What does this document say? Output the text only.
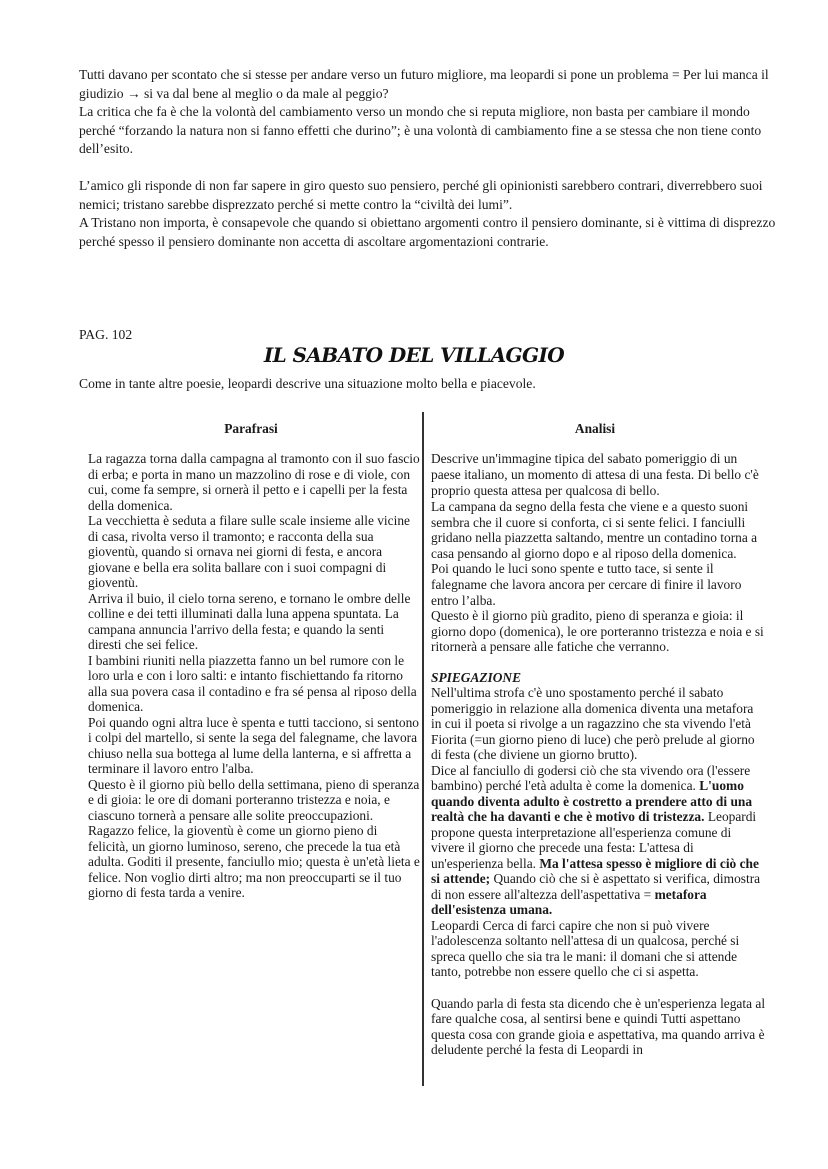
Tutti davano per scontato che si stesse per andare verso un futuro migliore, ma leopardi si pone un problema = Per lui manca il giudizio → si va dal bene al meglio o da male al peggio?

La critica che fa è che la volontà del cambiamento verso un mondo che si reputa migliore, non basta per cambiare il mondo perché “forzando la natura non si fanno effetti che durino”; è una volontà di cambiamento fine a se stessa che non tiene conto dell’esito.

L’amico gli risponde di non far sapere in giro questo suo pensiero, perché gli opinionisti sarebbero contrari, diverrebbero suoi nemici; tristano sarebbe disprezzato perché si mette contro la “civiltà dei lumi”.

A Tristano non importa, è consapevole che quando si obiettano argomenti contro il pensiero dominante, si è vittima di disprezzo perché spesso il pensiero dominante non accetta di ascoltare argomentazioni contrarie.

PAG. 102
IL SABATO DEL VILLAGGIO
Come in tante altre poesie, leopardi descrive una situazione molto bella e piacevole.
Parafrasi	Analisi

La ragazza torna dalla campagna al tramonto con il suo fascio di erba; e porta in mano un mazzolino di rose e di viole, con cui, come fa sempre, si ornerà il petto e i capelli per la festa della domenica.

La vecchietta è seduta a filare sulle scale insieme alle vicine di casa, rivolta verso il tramonto; e racconta della sua gioventù, quando si ornava nei giorni di festa, e ancora giovane e bella era solita ballare con i suoi compagni di gioventù.

Arriva il buio, il cielo torna sereno, e tornano le ombre delle colline e dei tetti illuminati dalla luna appena spuntata. La campana annuncia l'arrivo della festa; e quando la senti diresti che sei felice.

I bambini riuniti nella piazzetta fanno un bel rumore con le loro urla e con i loro salti: e intanto fischiettando fa ritorno alla sua povera casa il contadino e fra sé pensa al riposo della domenica.

Poi quando ogni altra luce è spenta e tutti tacciono, si sentono i colpi del martello, si sente la sega del falegname, che lavora chiuso nella sua bottega al lume della lanterna, e si affretta a terminare il lavoro entro l'alba.

Questo è il giorno più bello della settimana, pieno di speranza e di gioia: le ore di domani porteranno tristezza e noia, e ciascuno tornerà a pensare alle solite preoccupazioni.

Ragazzo felice, la gioventù è come un giorno pieno di felicità, un giorno luminoso, sereno, che precede la tua età adulta. Goditi il presente, fanciullo mio; questa è un'età lieta e felice. Non voglio dirti altro; ma non preoccuparti se il tuo giorno di festa tarda a venire.

Descrive un'immagine tipica del sabato pomeriggio di un paese italiano, un momento di attesa di una festa. Di bello c'è proprio questa attesa per qualcosa di bello.

La campana da segno della festa che viene e a questo suoni sembra che il cuore si conforta, ci si sente felici. I fanciulli gridano nella piazzetta saltando, mentre un contadino torna a casa pensando al giorno dopo e al riposo della domenica.

Poi quando le luci sono spente e tutto tace, si sente il falegname che lavora ancora per cercare di finire il lavoro entro l’alba.

Questo è il giorno più gradito, pieno di speranza e gioia: il giorno dopo (domenica), le ore porteranno tristezza e noia e si ritornerà a pensare alle fatiche che verranno.

SPIEGAZIONE

Nell'ultima strofa c'è uno spostamento perché il sabato pomeriggio in relazione alla domenica diventa una metafora in cui il poeta si rivolge a un ragazzino che sta vivendo l'età Fiorita (=un giorno pieno di luce) che però prelude al giorno di festa (che diviene un giorno brutto).

Dice al fanciullo di godersi ciò che sta vivendo ora (l'essere bambino) perché l'età adulta è come la domenica. L'uomo quando diventa adulto è costretto a prendere atto di una realtà che ha davanti e che è motivo di tristezza. Leopardi propone questa interpretazione all'esperienza comune di vivere il giorno che precede una festa: L'attesa di un'esperienza bella. Ma l'attesa spesso è migliore di ciò che si attende; Quando ciò che si è aspettato si verifica, dimostra di non essere all'altezza dell'aspettativa = metafora dell'esistenza umana.

Leopardi Cerca di farci capire che non si può vivere l'adolescenza soltanto nell'attesa di un qualcosa, perché si spreca quello che sia tra le mani: il domani che si attende tanto, potrebbe non essere quello che ci si aspetta.

Quando parla di festa sta dicendo che è un'esperienza legata al fare qualche cosa, al sentirsi bene e quindi Tutti aspettano questa cosa con grande gioia e aspettativa, ma quando arriva è deludente perché la festa di Leopardi in
